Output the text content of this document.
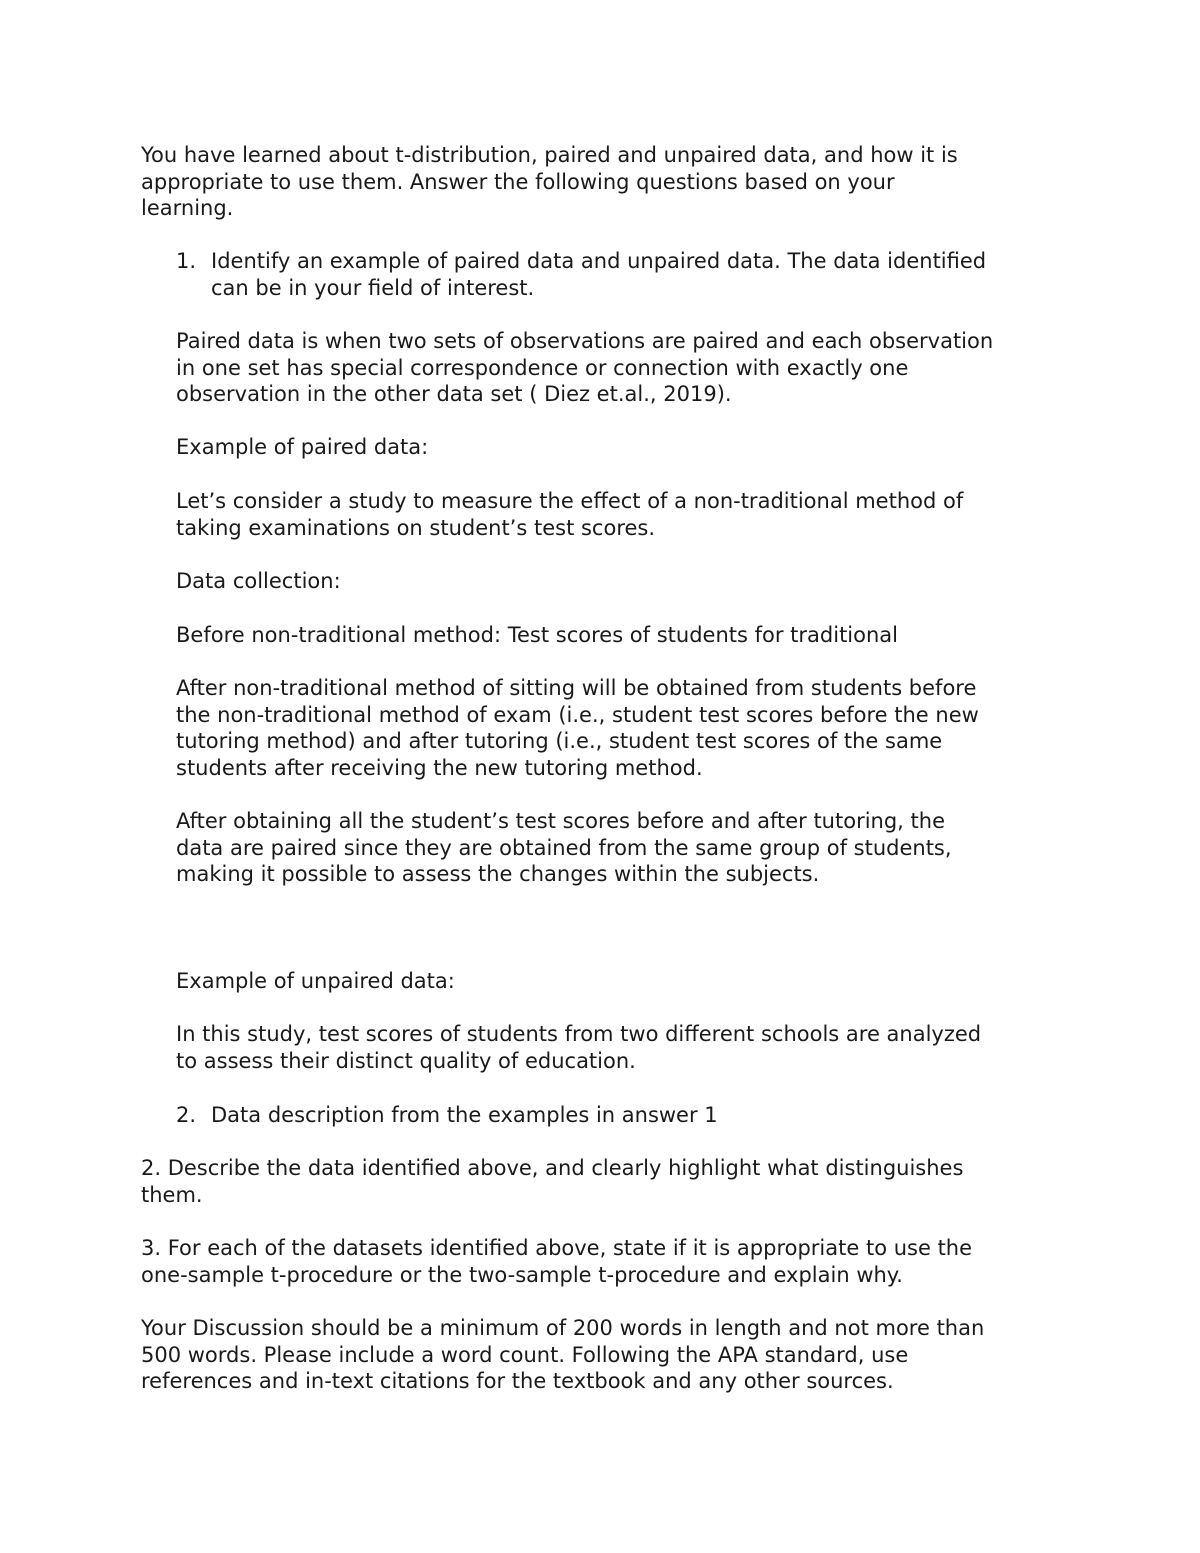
You have learned about t-distribution, paired and unpaired data, and how it is
appropriate to use them. Answer the following questions based on your
learning.

1. Identify an example of paired data and unpaired data. The data identified
can be in your field of interest.

Paired data is when two sets of observations are paired and each observation
in one set has special correspondence or connection with exactly one
observation in the other data set ( Diez et.al., 2019).

Example of paired data:

Let’s consider a study to measure the effect of a non-traditional method of
taking examinations on student’s test scores.

Data collection:

Before non-traditional method: Test scores of students for traditional

After non-traditional method of sitting will be obtained from students before
the non-traditional method of exam (i.e., student test scores before the new
tutoring method) and after tutoring (i.e., student test scores of the same
students after receiving the new tutoring method.

After obtaining all the student’s test scores before and after tutoring, the
data are paired since they are obtained from the same group of students,
making it possible to assess the changes within the subjects.

Example of unpaired data:

In this study, test scores of students from two different schools are analyzed
to assess their distinct quality of education.

2. Data description from the examples in answer 1

2. Describe the data identified above, and clearly highlight what distinguishes
them.

3. For each of the datasets identified above, state if it is appropriate to use the
one-sample t-procedure or the two-sample t-procedure and explain why.

Your Discussion should be a minimum of 200 words in length and not more than
500 words. Please include a word count. Following the APA standard, use
references and in-text citations for the textbook and any other sources.
